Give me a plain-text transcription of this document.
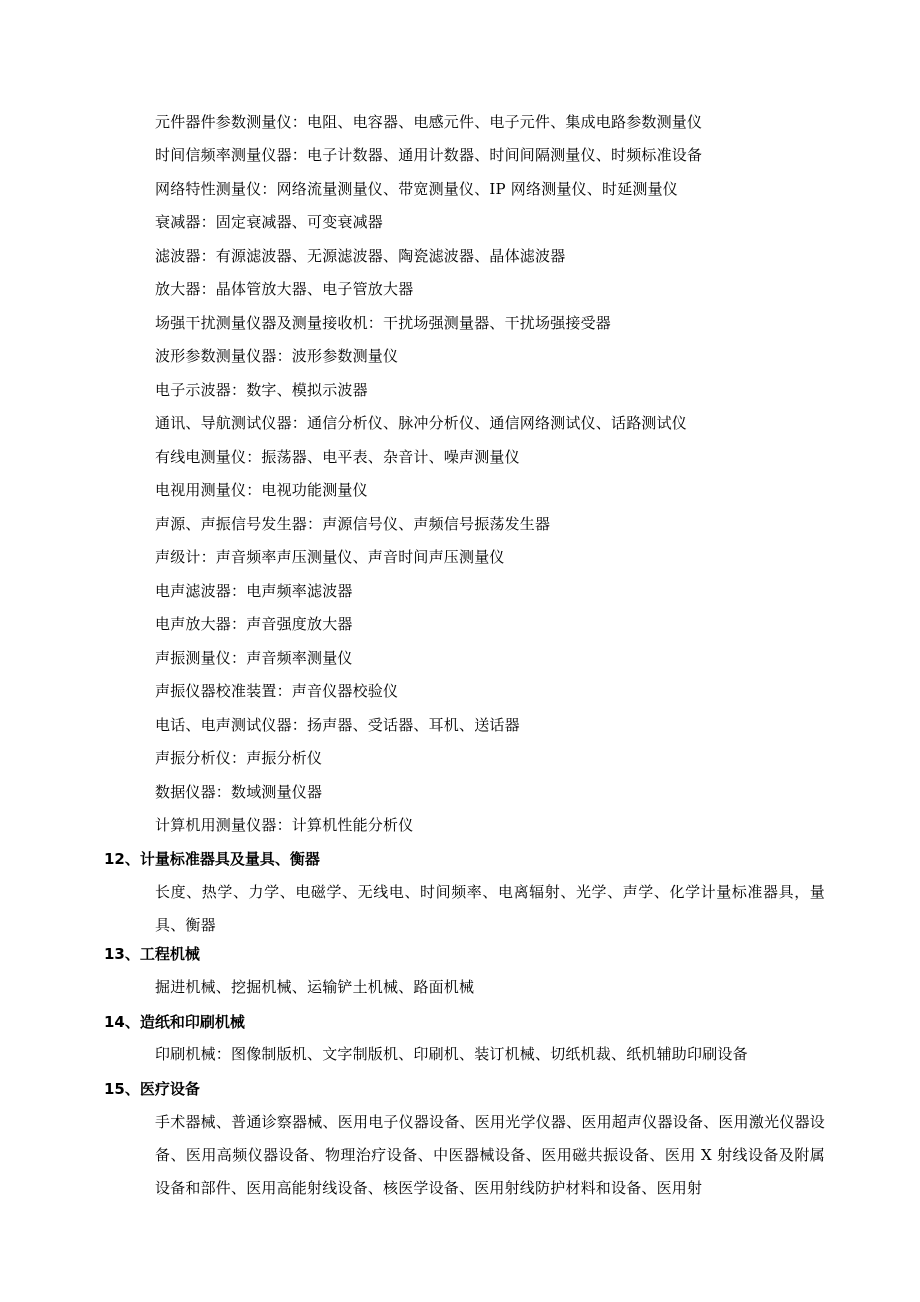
元件器件参数测量仪：电阻、电容器、电感元件、电子元件、集成电路参数测量仪
时间信频率测量仪器：电子计数器、通用计数器、时间间隔测量仪、时频标准设备
网络特性测量仪：网络流量测量仪、带宽测量仪、IP 网络测量仪、时延测量仪
衰减器：固定衰减器、可变衰减器
滤波器：有源滤波器、无源滤波器、陶瓷滤波器、晶体滤波器
放大器：晶体管放大器、电子管放大器
场强干扰测量仪器及测量接收机：干扰场强测量器、干扰场强接受器
波形参数测量仪器：波形参数测量仪
电子示波器：数字、模拟示波器
通讯、导航测试仪器：通信分析仪、脉冲分析仪、通信网络测试仪、话路测试仪
有线电测量仪：振荡器、电平表、杂音计、噪声测量仪
电视用测量仪：电视功能测量仪
声源、声振信号发生器：声源信号仪、声频信号振荡发生器
声级计：声音频率声压测量仪、声音时间声压测量仪
电声滤波器：电声频率滤波器
电声放大器：声音强度放大器
声振测量仪：声音频率测量仪
声振仪器校准装置：声音仪器校验仪
电话、电声测试仪器：扬声器、受话器、耳机、送话器
声振分析仪：声振分析仪
数据仪器：数域测量仪器
计算机用测量仪器：计算机性能分析仪
12、计量标准器具及量具、衡器
长度、热学、力学、电磁学、无线电、时间频率、电离辐射、光学、声学、化学计量标准器具，量具、衡器
13、工程机械
掘进机械、挖掘机械、运输铲土机械、路面机械
14、造纸和印刷机械
印刷机械：图像制版机、文字制版机、印刷机、装订机械、切纸机裁、纸机辅助印刷设备
15、医疗设备
手术器械、普通诊察器械、医用电子仪器设备、医用光学仪器、医用超声仪器设备、医用激光仪器设备、医用高频仪器设备、物理治疗设备、中医器械设备、医用磁共振设备、医用 X 射线设备及附属设备和部件、医用高能射线设备、核医学设备、医用射线防护材料和设备、医用射
